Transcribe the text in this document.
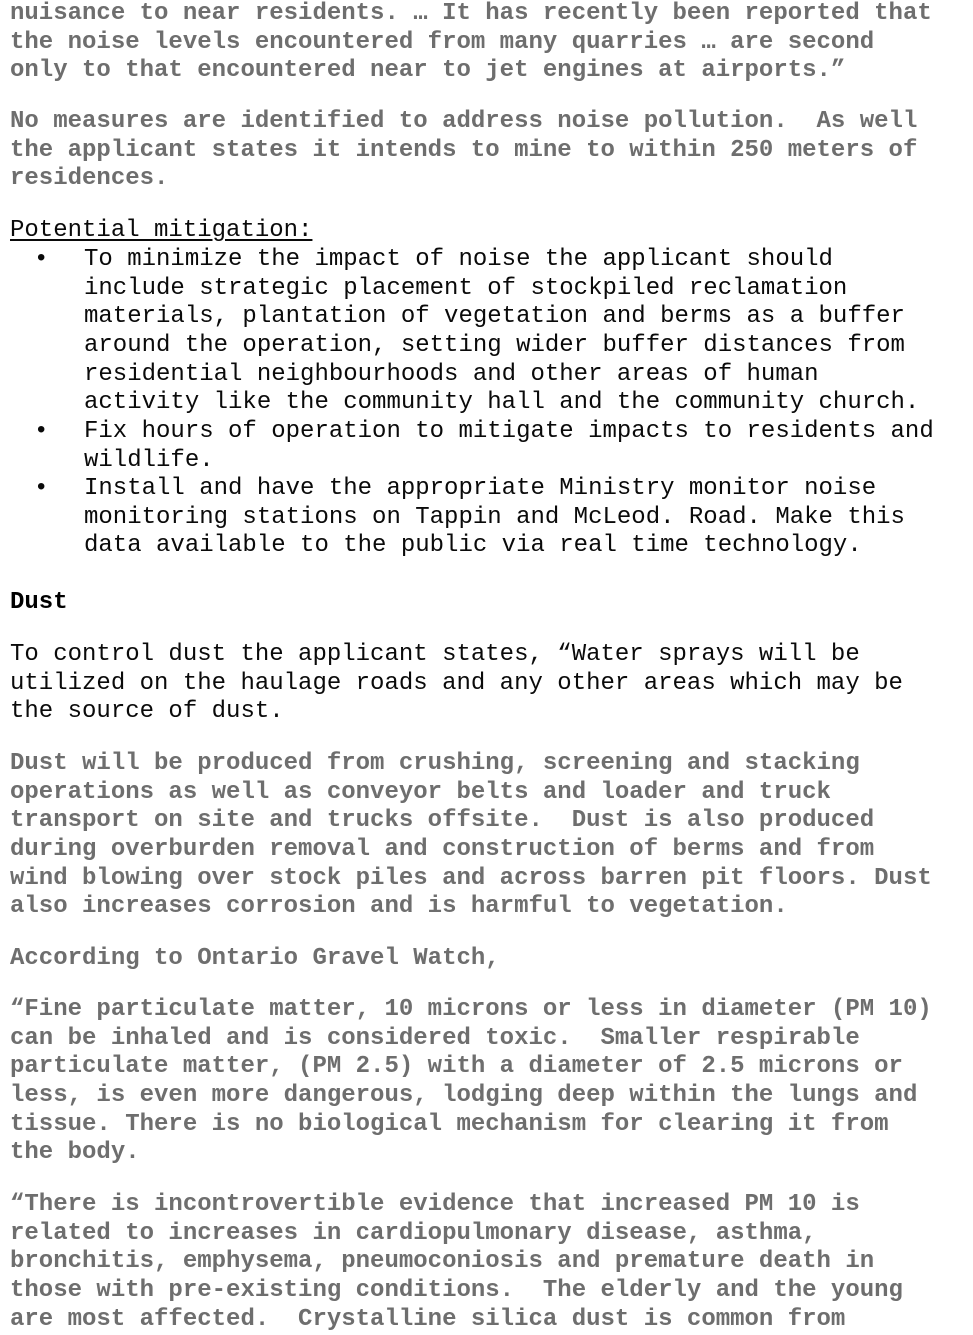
nuisance to near residents. … It has recently been reported that
the noise levels encountered from many quarries … are second
only to that encountered near to jet engines at airports.”
No measures are identified to address noise pollution.  As well
the applicant states it intends to mine to within 250 meters of
residences.
Potential mitigation:
• To minimize the impact of noise the applicant should
include strategic placement of stockpiled reclamation
materials, plantation of vegetation and berms as a buffer
around the operation, setting wider buffer distances from
residential neighbourhoods and other areas of human
activity like the community hall and the community church.
• Fix hours of operation to mitigate impacts to residents and
wildlife.
• Install and have the appropriate Ministry monitor noise
monitoring stations on Tappin and McLeod. Road. Make this
data available to the public via real time technology.
Dust
To control dust the applicant states, “Water sprays will be
utilized on the haulage roads and any other areas which may be
the source of dust.
Dust will be produced from crushing, screening and stacking
operations as well as conveyor belts and loader and truck
transport on site and trucks offsite.  Dust is also produced
during overburden removal and construction of berms and from
wind blowing over stock piles and across barren pit floors. Dust
also increases corrosion and is harmful to vegetation.
According to Ontario Gravel Watch,
“Fine particulate matter, 10 microns or less in diameter (PM 10)
can be inhaled and is considered toxic.  Smaller respirable
particulate matter, (PM 2.5) with a diameter of 2.5 microns or
less, is even more dangerous, lodging deep within the lungs and
tissue. There is no biological mechanism for clearing it from
the body.
“There is incontrovertible evidence that increased PM 10 is
related to increases in cardiopulmonary disease, asthma,
bronchitis, emphysema, pneumoconiosis and premature death in
those with pre-existing conditions.  The elderly and the young
are most affected.  Crystalline silica dust is common from
